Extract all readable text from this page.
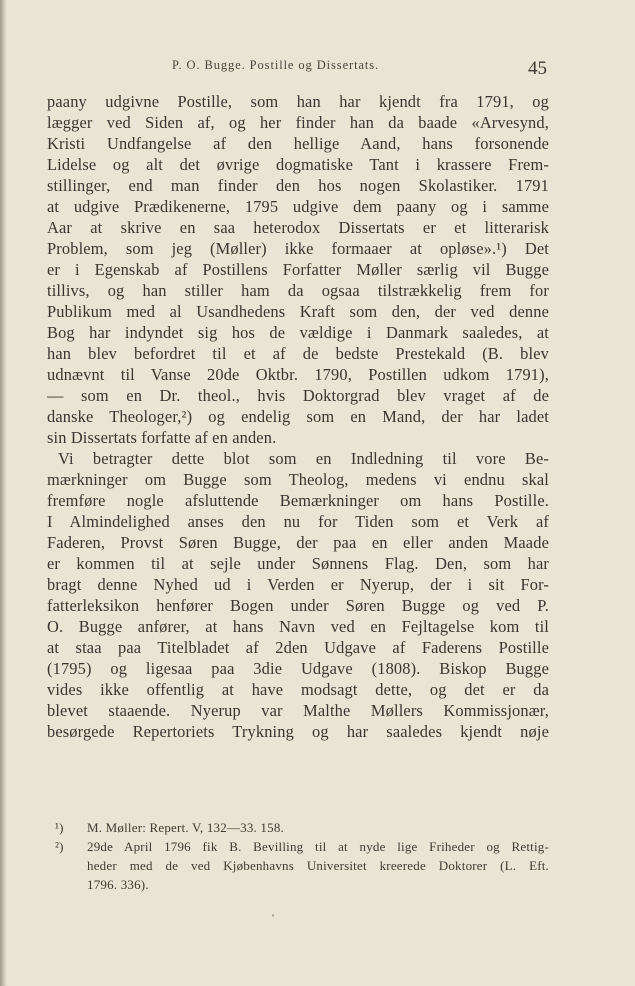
P. O. Bugge. Postille og Dissertats.	45
paany udgivne Postille, som han har kjendt fra 1791, og
lægger ved Siden af, og her finder han da baade «Arvesynd,
Kristi Undfangelse af den hellige Aand, hans forsonende
Lidelse og alt det øvrige dogmatiske Tant i krassere Frem-
stillinger, end man finder den hos nogen Skolastiker. 1791
at udgive Prædikenerne, 1795 udgive dem paany og i samme
Aar at skrive en saa heterodox Dissertats er et litterarisk
Problem, som jeg (Møller) ikke formaaer at opløse».¹) Det
er i Egenskab af Postillens Forfatter Møller særlig vil Bugge
tillivs, og han stiller ham da ogsaa tilstrækkelig frem for
Publikum med al Usandhedens Kraft som den, der ved denne
Bog har indyndet sig hos de vældige i Danmark saaledes, at
han blev befordret til et af de bedste Prestekald (B. blev
udnævnt til Vanse 20de Oktbr. 1790, Postillen udkom 1791),
— som en Dr. theol., hvis Doktorgrad blev vraget af de
danske Theologer,²) og endelig som en Mand, der har ladet
sin Dissertats forfatte af en anden.
Vi betragter dette blot som en Indledning til vore Be-
mærkninger om Bugge som Theolog, medens vi endnu skal
fremføre nogle afsluttende Bemærkninger om hans Postille.
I Almindelighed anses den nu for Tiden som et Verk af
Faderen, Provst Søren Bugge, der paa en eller anden Maade
er kommen til at sejle under Sønnens Flag. Den, som har
bragt denne Nyhed ud i Verden er Nyerup, der i sit For-
fatterleksikon henfører Bogen under Søren Bugge og ved P.
O. Bugge anfører, at hans Navn ved en Fejltagelse kom til
at staa paa Titelbladet af 2den Udgave af Faderens Postille
(1795) og ligesaa paa 3die Udgave (1808). Biskop Bugge
vides ikke offentlig at have modsagt dette, og det er da
blevet staaende. Nyerup var Malthe Møllers Kommissjonær,
besørgede Repertoriets Trykning og har saaledes kjendt nøje
¹) M. Møller: Repert. V, 132—33. 158.
²)	29de April 1796 fik B. Bevilling til at nyde lige Friheder og Rettig-
heder med de ved Kjøbenhavns Universitet kreerede Doktorer (L. Eft.
1796. 336).
